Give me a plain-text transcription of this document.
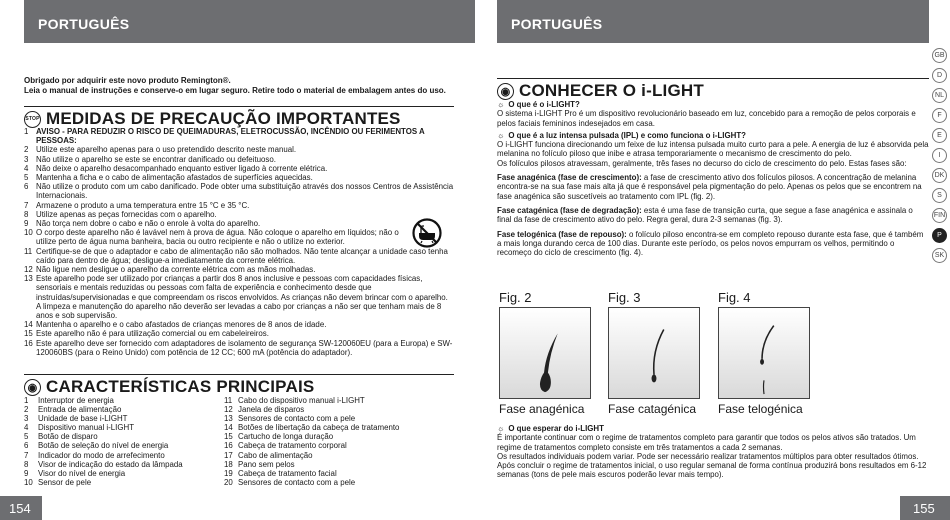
PORTUGUÊS
Obrigado por adquirir este novo produto Remington®.
Leia o manual de instruções e conserve-o em lugar seguro. Retire todo o material de embalagem antes do uso.
STOP MEDIDAS DE PRECAUÇÃO IMPORTANTES
1 AVISO - PARA REDUZIR O RISCO DE QUEIMADURAS, ELETROCUSSÃO, INCÊNDIO OU FERIMENTOS A PESSOAS:
2 Utilize este aparelho apenas para o uso pretendido descrito neste manual.
3 Não utilize o aparelho se este se encontrar danificado ou defeituoso.
4 Não deixe o aparelho desacompanhado enquanto estiver ligado à corrente elétrica.
5 Mantenha a ficha e o cabo de alimentação afastados de superfícies aquecidas.
6 Não utilize o produto com um cabo danificado. Pode obter uma substituição através dos nossos Centros de Assistência Internacionais.
7 Armazene o produto a uma temperatura entre 15 °C e 35 °C.
8 Utilize apenas as peças fornecidas com o aparelho.
9 Não torça nem dobre o cabo e não o enrole à volta do aparelho.
10 O corpo deste aparelho não é lavável nem à prova de água. Não coloque o aparelho em líquidos; não o utilize perto de água numa banheira, bacia ou outro recipiente e não o utilize no exterior.
11 Certifique-se de que o adaptador e cabo de alimentação não são molhados. Não tente alcançar a unidade caso tenha caído para dentro de água; desligue-a imediatamente da corrente elétrica.
12 Não ligue nem desligue o aparelho da corrente elétrica com as mãos molhadas.
13 Este aparelho pode ser utilizado por crianças a partir dos 8 anos inclusive e pessoas com capacidades físicas, sensoriais e mentais reduzidas ou pessoas com falta de experiência e conhecimento desde que instruídas/supervisionadas e que compreendam os riscos envolvidos. As crianças não devem brincar com o aparelho. A limpeza e manutenção do aparelho não deverão ser levadas a cabo por crianças a não ser que tenham mais de 8 anos e sob supervisão.
14 Mantenha o aparelho e o cabo afastados de crianças menores de 8 anos de idade.
15 Este aparelho não é para utilização comercial ou em cabeleireiros.
16 Este aparelho deve ser fornecido com adaptadores de isolamento de segurança SW-120060EU (para a Europa) e SW-120060BS (para o Reino Unido) com potência de 12 CC; 600 mA (potência do adaptador).
◉ CARACTERÍSTICAS PRINCIPAIS
1	Interruptor de energia
2	Entrada de alimentação
3	Unidade de base i-LIGHT
4	Dispositivo manual i-LIGHT
5	Botão de disparo
6	Botão de seleção do nível de energia
7	Indicador do modo de arrefecimento
8	Visor de indicação do estado da lâmpada
9	Visor do nível de energia
10 Sensor de pele
11 Cabo do dispositivo manual i-LIGHT
12 Janela de disparos
13 Sensores de contacto com a pele
14 Botões de libertação da cabeça de tratamento
15 Cartucho de longa duração
16 Cabeça de tratamento corporal
17 Cabo de alimentação
18 Pano sem pelos
19 Cabeça de tratamento facial
20 Sensores de contacto com a pele
154
PORTUGUÊS
◉ CONHECER O i-LIGHT
☼ O que é o i-LIGHT?
O sistema i-LIGHT Pro é um dispositivo revolucionário baseado em luz, concebido para a remoção de pelos corporais e pelos faciais femininos indesejados em casa.
☼ O que é a luz intensa pulsada (IPL) e como funciona o i-LIGHT?
O i-LIGHT funciona direcionando um feixe de luz intensa pulsada muito curto para a pele. A energia de luz é absorvida pela melanina no folículo piloso que inibe e atrasa temporariamente o mecanismo de crescimento do pelo.
Os folículos pilosos atravessam, geralmente, três fases no decurso do ciclo de crescimento do pelo. Estas fases são:
Fase anagénica (fase de crescimento): a fase de crescimento ativo dos folículos pilosos. A concentração de melanina encontra-se na sua fase mais alta já que é responsável pela pigmentação do pelo. Apenas os pelos que se encontrem na fase anagénica são suscetíveis ao tratamento com IPL (fig. 2).
Fase catagénica (fase de degradação): esta é uma fase de transição curta, que segue a fase anagénica e assinala o final da fase de crescimento ativo do pelo. Regra geral, dura 2-3 semanas (fig. 3).
Fase telogénica (fase de repouso): o folículo piloso encontra-se em completo repouso durante esta fase, que é também a mais longa durando cerca de 100 dias. Durante este período, os pelos novos empurram os velhos, permitindo o recomeço do ciclo de crescimento (fig. 4).
Fig. 2	Fig. 3	Fig. 4
Fase anagénica Fase catagénica Fase telogénica
☼ O que esperar do i-LIGHT
É importante continuar com o regime de tratamentos completo para garantir que todos os pelos ativos são tratados. Um regime de tratamentos completo consiste em três tratamentos a cada 2 semanas.
Os resultados individuais podem variar. Pode ser necessário realizar tratamentos múltiplos para obter resultados ótimos.
Após concluir o regime de tratamentos inicial, o uso regular semanal de forma contínua produzirá bons resultados em 6-12 semanas (tons de pele mais escuros poderão levar mais tempo).
GB
D
NL
F
E
I
DK
S
FIN
P
SK
155
